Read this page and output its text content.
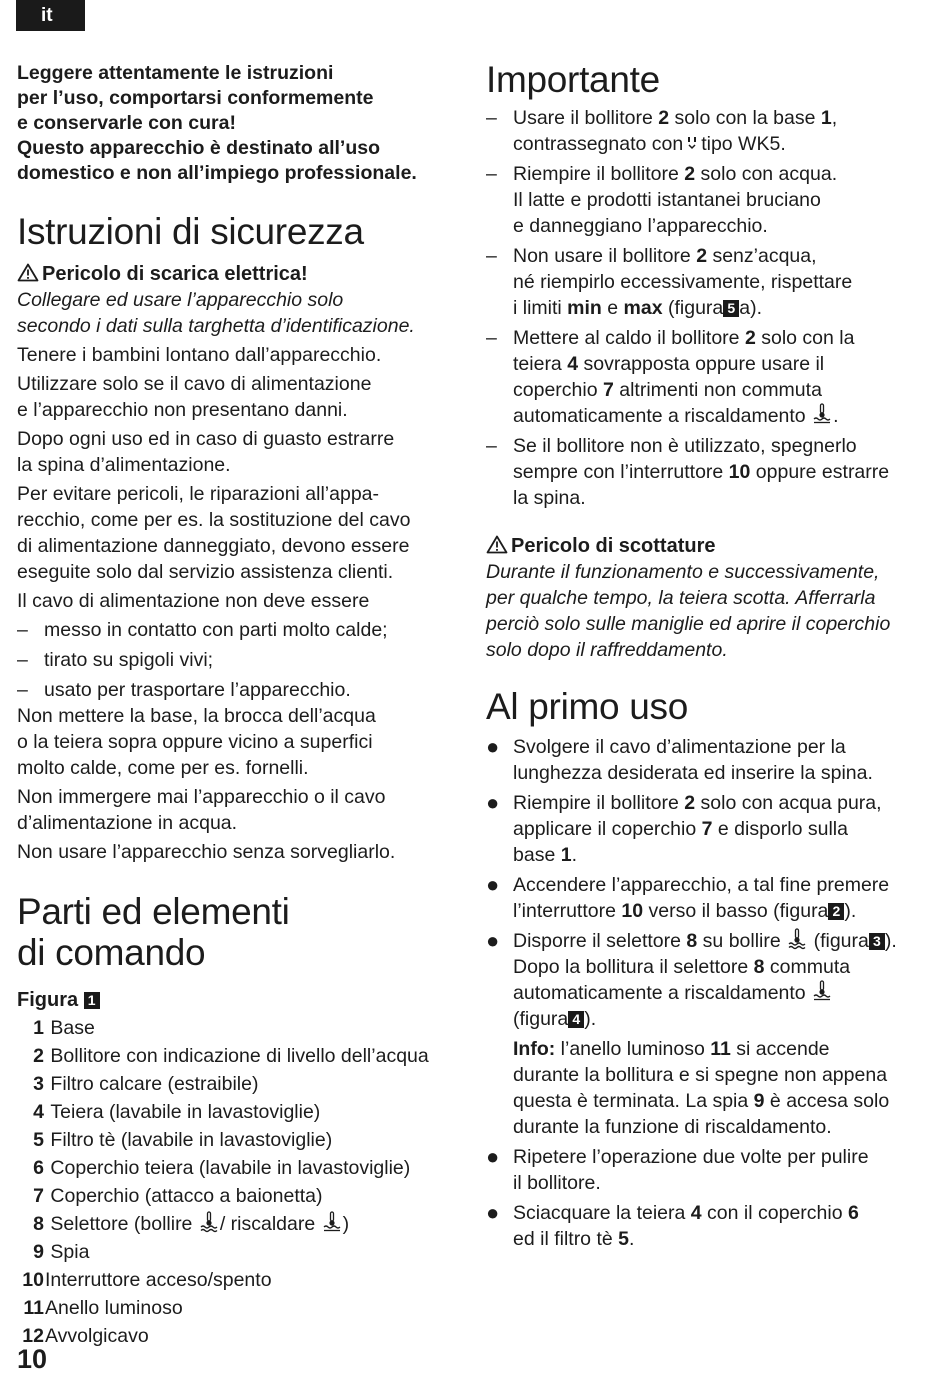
it

Leggere attentamente le istruzioni

per l’uso, comportarsi conformemente

e conservarle con cura!

Questo apparecchio è destinato all’uso

domestico e non all’impiego professionale.

Istruzioni di sicurezza

Pericolo di scarica elettrica!

Collegare ed usare l’apparecchio solo

secondo i dati sulla targhetta d’identificazione.

Tenere i bambini lontano dall’apparecchio.

Utilizzare solo se il cavo di alimentazione

e l’apparecchio non presentano danni.

Dopo ogni uso ed in caso di guasto estrarre

la spina d’alimentazione.

Per evitare pericoli, le riparazioni all’appa-

recchio, come per es. la sostituzione del cavo

di alimentazione danneggiato, devono essere

eseguite solo dal servizio assistenza clienti.

Il cavo di alimentazione non deve essere

– messo in contatto con parti molto calde;
– tirato su spigoli vivi;
– usato per trasportare l’apparecchio.

Non mettere la base, la brocca dell’acqua

o la teiera sopra oppure vicino a superfici

molto calde, come per es. fornelli.

Non immergere mai l’apparecchio o il cavo

d’alimentazione in acqua.

Non usare l’apparecchio senza sorvegliarlo.

Parti ed elementi
di comando

Figura 1

1
Base
2
Bollitore con indicazione di livello dell’acqua
3
Filtro calcare (estraibile)
4
Teiera (lavabile in lavastoviglie)
5
Filtro tè (lavabile in lavastoviglie)
6
Coperchio teiera (lavabile in lavastoviglie)
7
Coperchio (attacco a baionetta)
8
Selettore (bollire / riscaldare )
9
Spia
10 Interruttore acceso/spento
11 Anello luminoso
12 Avvolgicavo
Importante
– Usare il bollitore 2 solo con la base 1,
contrassegnato con tipo WK5.
– Riempire il bollitore 2 solo con acqua.
Il latte e prodotti istantanei bruciano
e danneggiano l’apparecchio.
– Non usare il bollitore 2 senz’acqua,
né riempirlo eccessivamente, rispettare
i limiti min e max (figura 5 a).
– Mettere al caldo il bollitore 2 solo con la
teiera 4 sovrapposta oppure usare il
coperchio 7 altrimenti non commuta
automaticamente a riscaldamento .
– Se il bollitore non è utilizzato, spegnerlo
sempre con l’interruttore 10 oppure estrarre
la spina.

Pericolo di scottature

Durante il funzionamento e successivamente,

per qualche tempo, la teiera scotta. Afferrarla

perciò solo sulle maniglie ed aprire il coperchio

solo dopo il raffreddamento.

Al primo uso
● Svolgere il cavo d’alimentazione per la
lunghezza desiderata ed inserire la spina.
● Riempire il bollitore 2 solo con acqua pura,
applicare il coperchio 7 e disporlo sulla
base 1.
● Accendere l’apparecchio, a tal fine premere
l’interruttore 10 verso il basso (figura 2 ).
● Disporre il selettore 8 su bollire (figura 3 ).
Dopo la bollitura il selettore 8 commuta
automaticamente a riscaldamento
(figura 4 ).
Info: l’anello luminoso 11 si accende
durante la bollitura e si spegne non appena
questa è terminata. La spia 9 è accesa solo
durante la funzione di riscaldamento.
● Ripetere l’operazione due volte per pulire
il bollitore.
● Sciacquare la teiera 4 con il coperchio 6
ed il filtro tè 5.
10
